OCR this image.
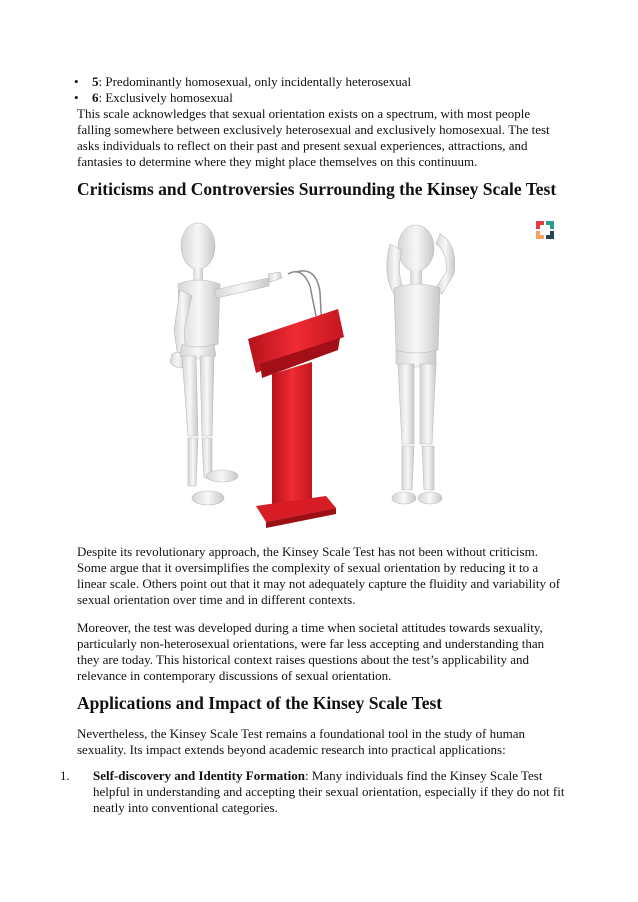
• 5: Predominantly homosexual, only incidentally heterosexual
• 6: Exclusively homosexual

This scale acknowledges that sexual orientation exists on a spectrum, with most people falling somewhere between exclusively heterosexual and exclusively homosexual. The test asks individuals to reflect on their past and present sexual experiences, attractions, and fantasies to determine where they might place themselves on this continuum.

Criticisms and Controversies Surrounding the Kinsey Scale Test

Despite its revolutionary approach, the Kinsey Scale Test has not been without criticism. Some argue that it oversimplifies the complexity of sexual orientation by reducing it to a linear scale. Others point out that it may not adequately capture the fluidity and variability of sexual orientation over time and in different contexts.

Moreover, the test was developed during a time when societal attitudes towards sexuality, particularly non-heterosexual orientations, were far less accepting and understanding than they are today. This historical context raises questions about the test’s applicability and relevance in contemporary discussions of sexual orientation.

Applications and Impact of the Kinsey Scale Test

Nevertheless, the Kinsey Scale Test remains a foundational tool in the study of human sexuality. Its impact extends beyond academic research into practical applications:

1. Self-discovery and Identity Formation: Many individuals find the Kinsey Scale Test helpful in understanding and accepting their sexual orientation, especially if they do not fit neatly into conventional categories.
